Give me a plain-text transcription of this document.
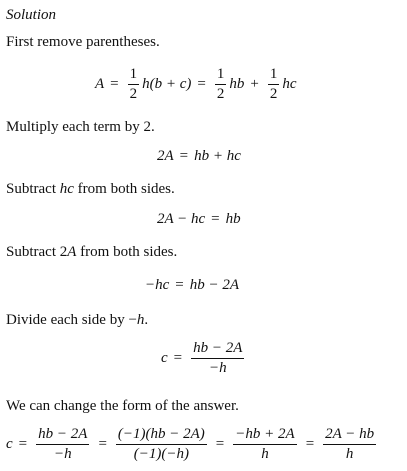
Solution
First remove parentheses.
$A = \frac{1}{2} h(b + c) = \frac{1}{2}$ hb + $\frac{1}{2}$ hc
Multiply each term by 2.
2A = hb + hc
Subtract hc from both sides.
2A − hc = hb
Subtract 2A from both sides.
−hc = hb − 2A
Divide each side by −h.
$c = \frac{hb - 2A}{-h}$
We can change the form of the answer.
$c = \frac{hb - 2A}{-h} = \frac{(-1)(hb - 2A)}{(-1)(-h)} = \frac{-hb + 2A}{h} = \frac{2A - hb}{h}$
